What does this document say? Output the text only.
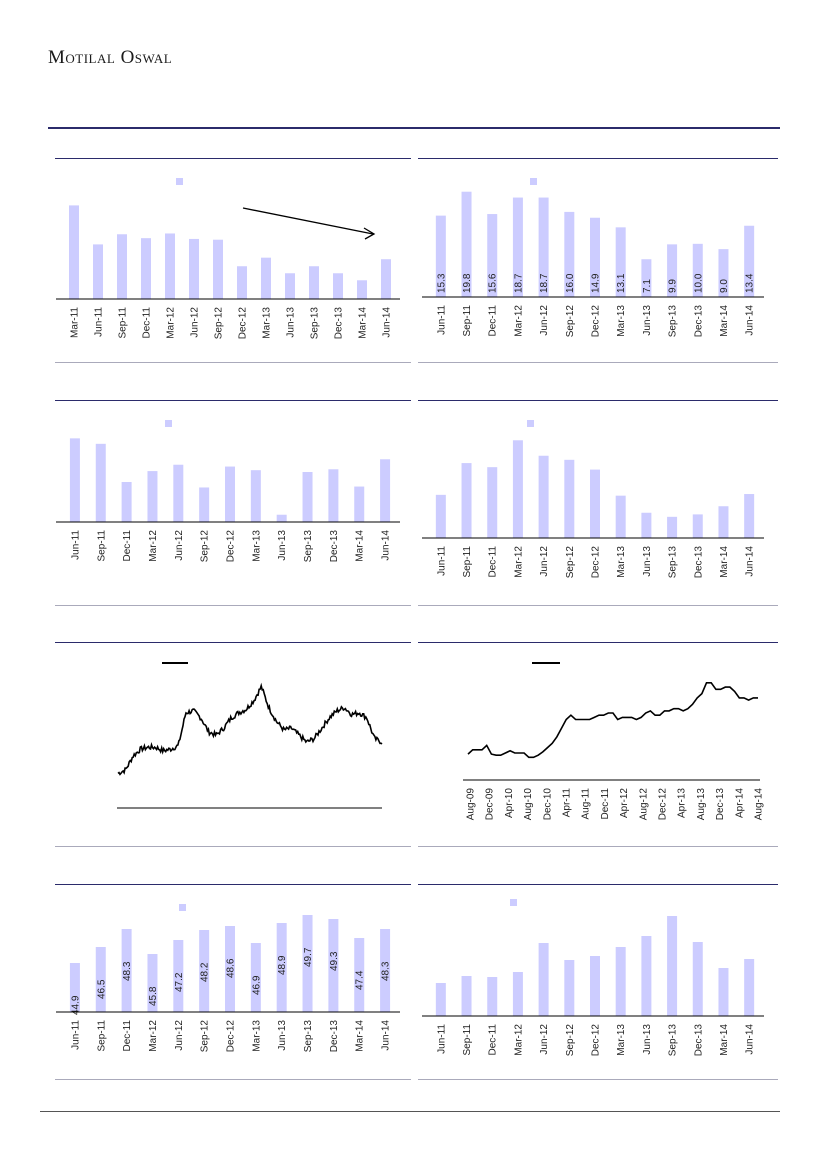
Motilal Oswal
Mar-11 Jun-11 Sep-11 Dec-11 Mar-12 Jun-12 Sep-12 Dec-12 Mar-13 Jun-13 Sep-13 Dec-13 Mar-14 Jun-14
15.3
Jun-11
19.8
Sep-11
15.6
Dec-11
18.7
Mar-12
18.7
Jun-12
16.0
Sep-12
14.9
Dec-12
13.1
Mar-13
7.1
Jun-13
9.9
Sep-13
10.0
Dec-13
9.0
Mar-14
13.4
Jun-14
Jun-11 Sep-11 Dec-11 Mar-12 Jun-12 Sep-12 Dec-12 Mar-13 Jun-13 Sep-13 Dec-13 Mar-14 Jun-14
Jun-11 Sep-11 Dec-11 Mar-12 Jun-12 Sep-12 Dec-12 Mar-13 Jun-13 Sep-13 Dec-13 Mar-14 Jun-14
Aug-09 Dec-09 Apr-10 Aug-10 Dec-10 Apr-11 Aug-11 Dec-11 Apr-12 Aug-12 Dec-12 Apr-13 Aug-13 Dec-13 Apr-14 Aug-14
44.9
Jun-11
46.5
Sep-11
48.3
Dec-11
45.8
Mar-12
47.2
Jun-12
48.2
Sep-12
48.6
Dec-12
46.9
Mar-13
48.9
Jun-13
49.7
Sep-13
49.3
Dec-13
47.4
Mar-14
48.3
Jun-14	Jun-11 Sep-11 Dec-11 Mar-12 Jun-12 Sep-12 Dec-12 Mar-13 Jun-13 Sep-13 Dec-13 Mar-14 Jun-14
